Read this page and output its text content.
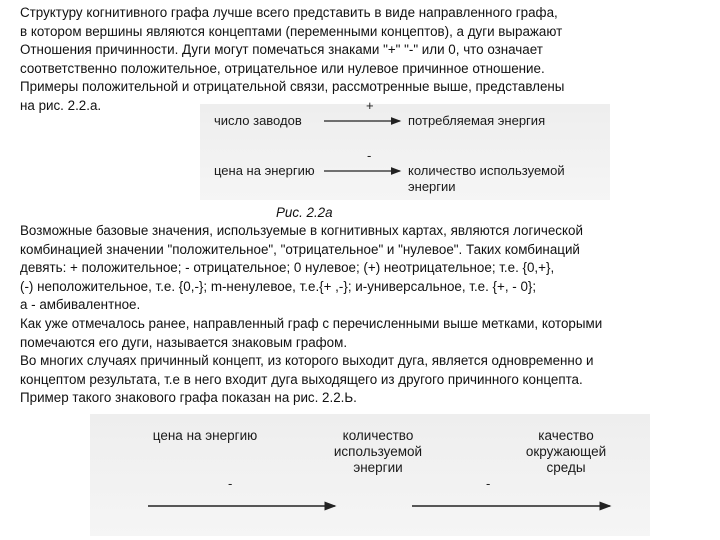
Структуру когнитивного графа лучше всего представить в виде направленного графа,
в котором вершины являются концептами (переменными концептов), а дуги выражают
Отношения причинности. Дуги могут помечаться знаками "+" "-" или 0, что означает
соответственно положительное, отрицательное или нулевое причинное отношение.
Примеры положительной и отрицательной связи, рассмотренные выше, представлены
на рис. 2.2.а.
число заводов
+
потребляемая энергия
цена на энергию
-
количество используемой
энергии
Рис. 2.2а
Возможные базовые значения, используемые в когнитивных картах, являются логической
комбинацией значении "положительное", "отрицательное" и "нулевое". Таких комбинаций
девять: + положительное; - отрицательное; 0 нулевое; (+) неотрицательное; т.е. {0,+},
(-) неположительное, т.е. {0,-}; m-ненулевое, т.е.{+ ,-}; и-универсальное, т.е. {+, - 0};
а - амбивалентное.
Как уже отмечалось ранее, направленный граф с перечисленными выше метками, которыми
помечаются его дуги, называется знаковым графом.
Во многих случаях причинный концепт, из которого выходит дуга, является одновременно и
концептом результата, т.е в него входит дуга выходящего из другого причинного концепта.
Пример такого знакового графа показан на рис. 2.2.Ь.
цена на энергию	количество
используемой
энергии
качество
окружающей
среды
-	-
